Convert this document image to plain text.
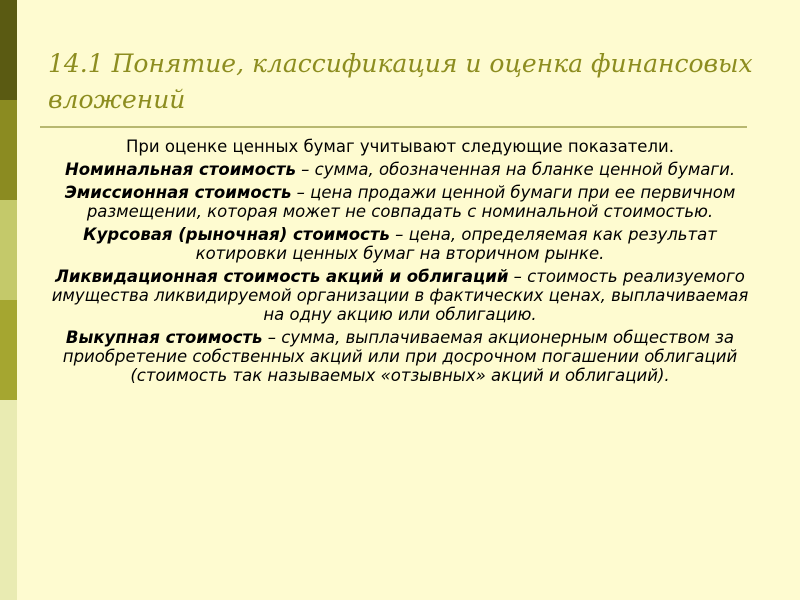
14.1 Понятие, классификация и оценка финансовых вложений

При оценке ценных бумаг учитывают следующие показатели.

Номинальная стоимость – сумма, обозначенная на бланке ценной бумаги.

Эмиссионная стоимость – цена продажи ценной бумаги при ее первичном размещении, которая может не совпадать с номинальной стоимостью.

Курсовая (рыночная) стоимость – цена, определяемая как результат котировки ценных бумаг на вторичном рынке.

Ликвидационная стоимость акций и облигаций – стоимость реализуемого имущества ликвидируемой организации в фактических ценах, выплачиваемая на одну акцию или облигацию.

Выкупная стоимость – сумма, выплачиваемая акционерным обществом за приобретение собственных акций или при досрочном погашении облигаций (стоимость так называемых «отзывных» акций и облигаций).
